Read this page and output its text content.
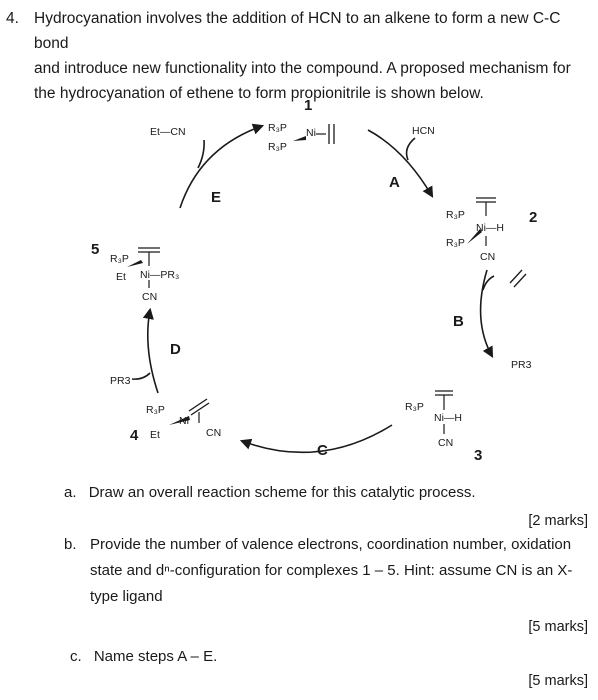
4. Hydrocyanation involves the addition of HCN to an alkene to form a new C-C bond
and introduce new functionality into the compound. A proposed mechanism for
the hydrocyanation of ethene to form propionitrile is shown below.
R₃P Ni
R₃P
R₃P
Ni—H
R₃P
CN
R₃P
Ni—H
CN
R₃P
Ni
Et	CN
R₃P
Ni—PR₃
Et
CN
1
2
3
4
5
A
B
C
D
E
HCN
PR3
PR3
Et—CN
a. Draw an overall reaction scheme for this catalytic process.
[2 marks]
b. Provide the number of valence electrons, coordination number, oxidation
state and dⁿ-configuration for complexes 1 – 5. Hint: assume CN is an X-
type ligand
[5 marks]
c. Name steps A – E.
[5 marks]
